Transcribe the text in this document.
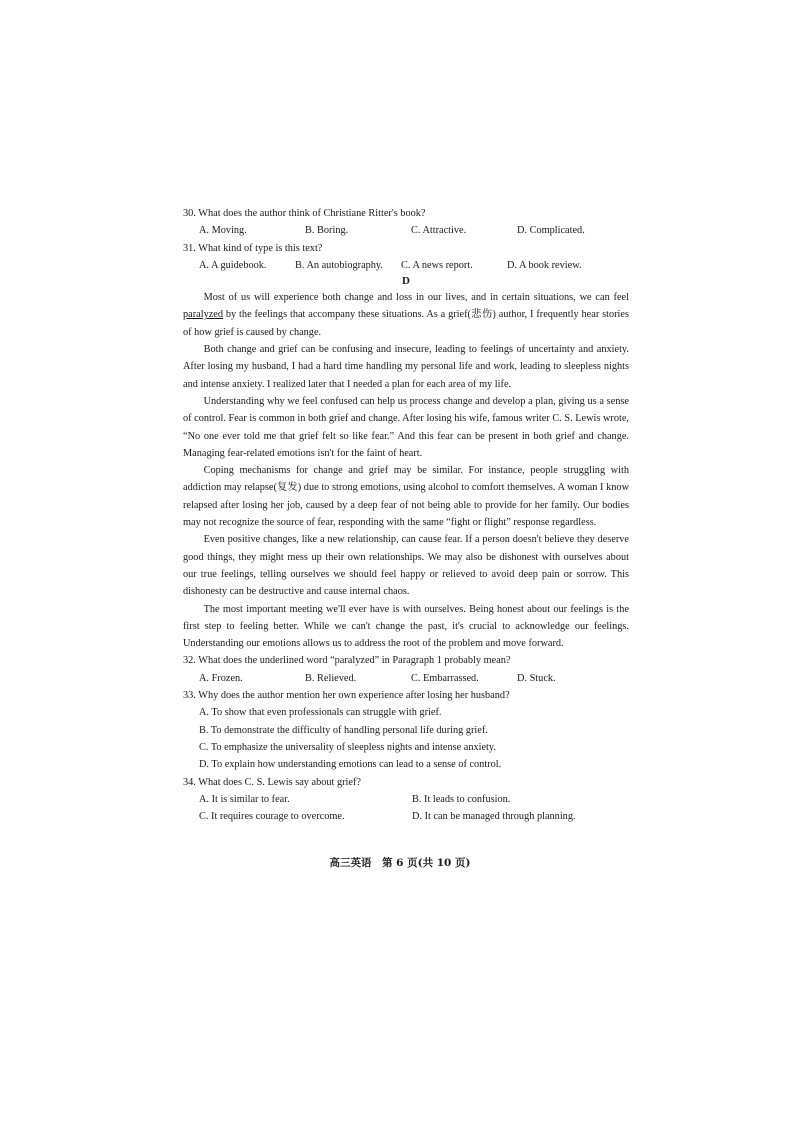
30. What does the author think of Christiane Ritter's book?
A. Moving.	B. Boring.	C. Attractive.	D. Complicated.
31. What kind of type is this text?
A. A guidebook.	B. An autobiography.	C. A news report.	D. A book review.
D

Most of us will experience both change and loss in our lives, and in certain situations, we can feel paralyzed by the feelings that accompany these situations. As a grief(悲伤) author, I frequently hear stories of how grief is caused by change.

Both change and grief can be confusing and insecure, leading to feelings of uncertainty and anxiety. After losing my husband, I had a hard time handling my personal life and work, leading to sleepless nights and intense anxiety. I realized later that I needed a plan for each area of my life.

Understanding why we feel confused can help us process change and develop a plan, giving us a sense of control. Fear is common in both grief and change. After losing his wife, famous writer C. S. Lewis wrote, “No one ever told me that grief felt so like fear.” And this fear can be present in both grief and change. Managing fear-related emotions isn't for the faint of heart.

Coping mechanisms for change and grief may be similar. For instance, people struggling with addiction may relapse(复发) due to strong emotions, using alcohol to comfort themselves. A woman I know relapsed after losing her job, caused by a deep fear of not being able to provide for her family. Our bodies may not recognize the source of fear, responding with the same “fight or flight” response regardless.

Even positive changes, like a new relationship, can cause fear. If a person doesn't believe they deserve good things, they might mess up their own relationships. We may also be dishonest with ourselves about our true feelings, telling ourselves we should feel happy or relieved to avoid deep pain or sorrow. This dishonesty can be destructive and cause internal chaos.

The most important meeting we'll ever have is with ourselves. Being honest about our feelings is the first step to feeling better. While we can't change the past, it's crucial to acknowledge our feelings. Understanding our emotions allows us to address the root of the problem and move forward.

32. What does the underlined word “paralyzed” in Paragraph 1 probably mean?
A. Frozen.	B. Relieved.	C. Embarrassed.	D. Stuck.
33. Why does the author mention her own experience after losing her husband?
A. To show that even professionals can struggle with grief.
B. To demonstrate the difficulty of handling personal life during grief.
C. To emphasize the universality of sleepless nights and intense anxiety.
D. To explain how understanding emotions can lead to a sense of control.
34. What does C. S. Lewis say about grief?
A. It is similar to fear.	B. It leads to confusion.
C. It requires courage to overcome.	D. It can be managed through planning.
高三英语　第 6 页(共 10 页)
